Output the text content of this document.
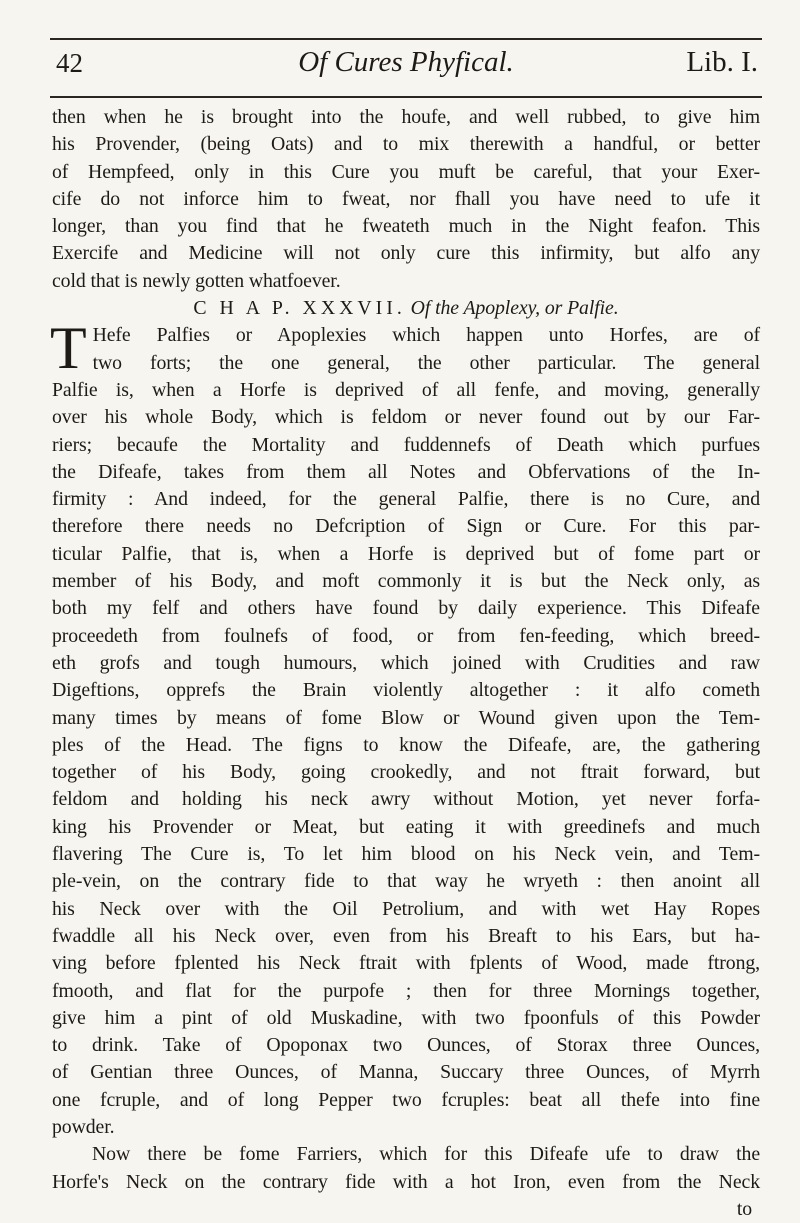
42	Of Cures Phyfical.	Lib. I.
then when he is brought into the houfe, and well rubbed, to give him
his Provender, (being Oats) and to mix therewith a handful, or better
of Hempfeed, only in this Cure you muft be careful, that your Exer-
cife do not inforce him to fweat, nor fhall you have need to ufe it
longer, than you find that he fweateth much in the Night feafon. This
Exercife and Medicine will not only cure this infirmity, but alfo any
cold that is newly gotten whatfoever.
C H A P. XXXVII. Of the Apoplexy, or Palfie.
T Hefe Palfies or Apoplexies which happen unto Horfes, are of
two forts; the one general, the other particular. The general
Palfie is, when a Horfe is deprived of all fenfe, and moving, generally
over his whole Body, which is feldom or never found out by our Far-
riers; becaufe the Mortality and fuddennefs of Death which purfues
the Difeafe, takes from them all Notes and Obfervations of the In-
firmity : And indeed, for the general Palfie, there is no Cure, and
therefore there needs no Defcription of Sign or Cure. For this par-
ticular Palfie, that is, when a Horfe is deprived but of fome part or
member of his Body, and moft commonly it is but the Neck only, as
both my felf and others have found by daily experience. This Difeafe
proceedeth from foulnefs of food, or from fen-feeding, which breed-
eth grofs and tough humours, which joined with Crudities and raw
Digeftions, opprefs the Brain violently altogether : it alfo cometh
many times by means of fome Blow or Wound given upon the Tem-
ples of the Head. The figns to know the Difeafe, are, the gathering
together of his Body, going crookedly, and not ftrait forward, but
feldom and holding his neck awry without Motion, yet never forfa-
king his Provender or Meat, but eating it with greedinefs and much
flavering The Cure is, To let him blood on his Neck vein, and Tem-
ple-vein, on the contrary fide to that way he wryeth : then anoint all
his Neck over with the Oil Petrolium, and with wet Hay Ropes
fwaddle all his Neck over, even from his Breaft to his Ears, but ha-
ving before fplented his Neck ftrait with fplents of Wood, made ftrong,
fmooth, and flat for the purpofe ; then for three Mornings together,
give him a pint of old Muskadine, with two fpoonfuls of this Powder
to drink. Take of Opoponax two Ounces, of Storax three Ounces,
of Gentian three Ounces, of Manna, Succary three Ounces, of Myrrh
one fcruple, and of long Pepper two fcruples: beat all thefe into fine
powder.
Now there be fome Farriers, which for this Difeafe ufe to draw the
Horfe's Neck on the contrary fide with a hot Iron, even from the Neck
to
